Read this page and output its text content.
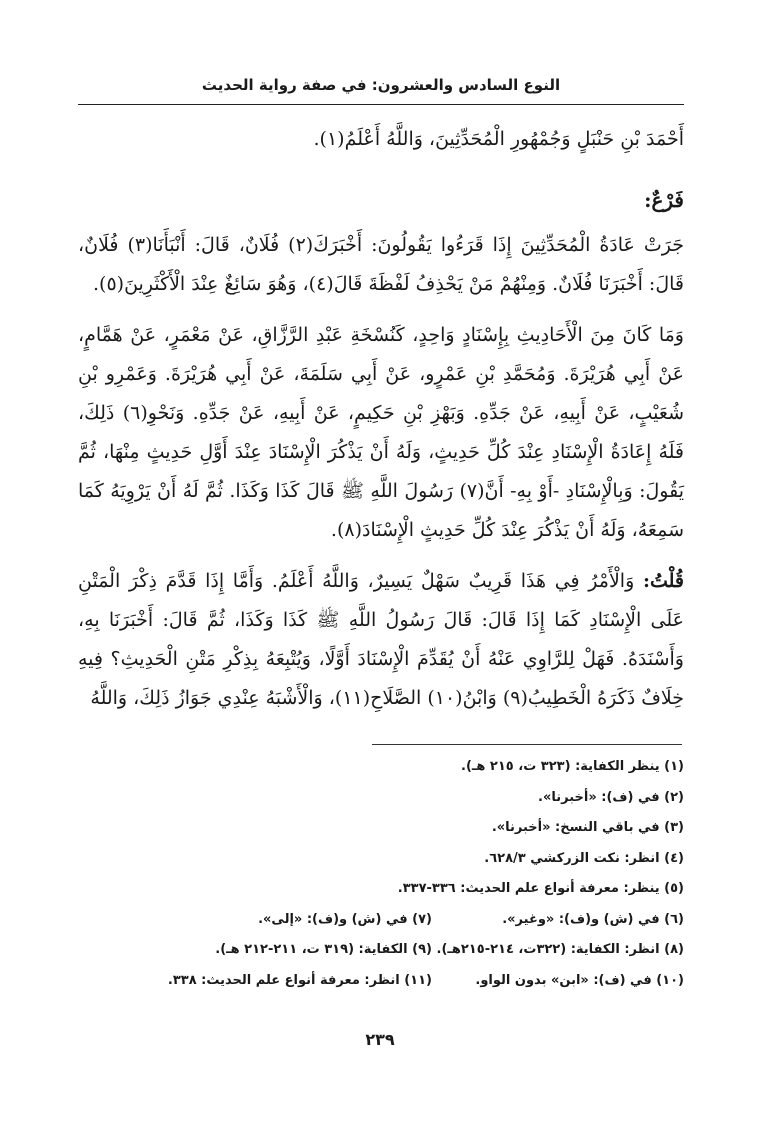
النوع السادس والعشرون: في صفة رواية الحديث

أَحْمَدَ بْنِ حَنْبَلٍ وَجُمْهُورِ الْمُحَدِّثِينَ، وَاللَّهُ أَعْلَمُ(١).

فَرْعٌ:

جَرَتْ عَادَةُ الْمُحَدِّثِينَ إِذَا قَرَءُوا يَقُولُونَ: أَخْبَرَكَ(٢) فُلَانٌ، قَالَ: أَنْبَأَنَا(٣) فُلَانٌ، قَالَ: أَخْبَرَنَا فُلَانٌ. وَمِنْهُمْ مَنْ يَحْذِفُ لَفْظَةَ قَالَ(٤)، وَهُوَ سَائِغٌ عِنْدَ الْأَكْثَرِينَ(٥).

وَمَا كَانَ مِنَ الْأَحَادِيثِ بِإِسْنَادٍ وَاحِدٍ، كَنُسْخَةِ عَبْدِ الرَّزَّاقِ، عَنْ مَعْمَرٍ، عَنْ هَمَّامٍ، عَنْ أَبِي هُرَيْرَةَ. وَمُحَمَّدِ بْنِ عَمْرٍو، عَنْ أَبِي سَلَمَةَ، عَنْ أَبِي هُرَيْرَةَ. وَعَمْرِو بْنِ شُعَيْبٍ، عَنْ أَبِيهِ، عَنْ جَدِّهِ. وَبَهْزِ بْنِ حَكِيمٍ، عَنْ أَبِيهِ، عَنْ جَدِّهِ. وَنَحْوِ(٦) ذَلِكَ، فَلَهُ إِعَادَةُ الْإِسْنَادِ عِنْدَ كُلِّ حَدِيثٍ، وَلَهُ أَنْ يَذْكُرَ الْإِسْنَادَ عِنْدَ أَوَّلِ حَدِيثٍ مِنْهَا، ثُمَّ يَقُولَ: وَبِالْإِسْنَادِ -أَوْ بِهِ- أَنَّ(٧) رَسُولَ اللَّهِ ﷺ قَالَ كَذَا وَكَذَا. ثُمَّ لَهُ أَنْ يَرْوِيَهُ كَمَا سَمِعَهُ، وَلَهُ أَنْ يَذْكُرَ عِنْدَ كُلِّ حَدِيثٍ الْإِسْنَادَ(٨).

قُلْتُ: وَالْأَمْرُ فِي هَذَا قَرِيبٌ سَهْلٌ يَسِيرٌ، وَاللَّهُ أَعْلَمُ. وَأَمَّا إِذَا قَدَّمَ ذِكْرَ الْمَتْنِ عَلَى الْإِسْنَادِ كَمَا إِذَا قَالَ: قَالَ رَسُولُ اللَّهِ ﷺ كَذَا وَكَذَا، ثُمَّ قَالَ: أَخْبَرَنَا بِهِ، وَأَسْنَدَهُ. فَهَلْ لِلرَّاوِي عَنْهُ أَنْ يُقَدِّمَ الْإِسْنَادَ أَوَّلًا، وَيُتْبِعَهُ بِذِكْرِ مَتْنِ الْحَدِيثِ؟ فِيهِ خِلَافٌ ذَكَرَهُ الْخَطِيبُ(٩) وَابْنُ(١٠) الصَّلَاحِ(١١)، وَالْأَشْبَهُ عِنْدِي جَوَازُ ذَلِكَ، وَاللَّهُ

(١) ينظر الكفاية: (٣٢٣ ت، ٢١٥ هـ).
(٢) في (ف): «أخبرنا».
(٣) في باقي النسخ: «أخبرنا».
(٤) انظر: نكت الزركشي ٦٢٨/٣.
(٥) ينظر: معرفة أنواع علم الحديث: ٣٣٦-٣٣٧.
(٦) في (ش) و(ف): «وغير».
(٧) في (ش) و(ف): «إلى».
(٨) انظر: الكفاية: (٣٢٢ت، ٢١٤-٢١٥هـ).
(٩) الكفاية: (٣١٩ ت، ٢١١-٢١٢ هـ).
(١٠) في (ف): «ابن» بدون الواو.
(١١) انظر: معرفة أنواع علم الحديث: ٣٣٨.
٢٣٩
